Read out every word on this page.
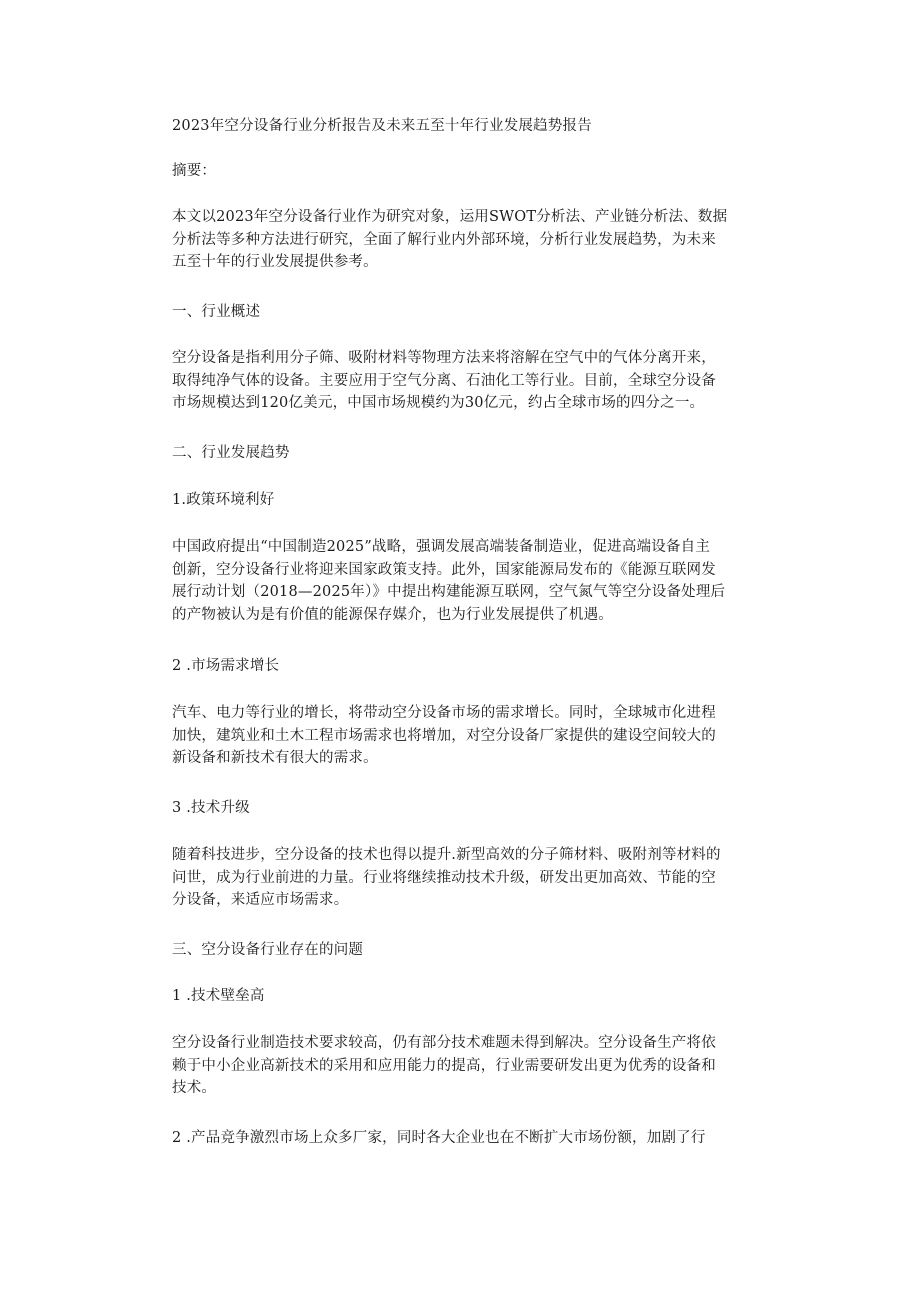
2023年空分设备行业分析报告及未来五至十年行业发展趋势报告
摘要：
本文以2023年空分设备行业作为研究对象，运用SWOT分析法、产业链分析法、数据
分析法等多种方法进行研究，全面了解行业内外部环境，分析行业发展趋势，为未来
五至十年的行业发展提供参考。
一、行业概述
空分设备是指利用分子筛、吸附材料等物理方法来将溶解在空气中的气体分离开来，
取得纯净气体的设备。主要应用于空气分离、石油化工等行业。目前，全球空分设备
市场规模达到120亿美元，中国市场规模约为30亿元，约占全球市场的四分之一。
二、行业发展趋势
1.政策环境利好
中国政府提出“中国制造2025”战略，强调发展高端装备制造业，促进高端设备自主
创新，空分设备行业将迎来国家政策支持。此外，国家能源局发布的《能源互联网发
展行动计划（2018—2025年）》中提出构建能源互联网，空气氮气等空分设备处理后
的产物被认为是有价值的能源保存媒介，也为行业发展提供了机遇。
2 .市场需求增长
汽车、电力等行业的增长，将带动空分设备市场的需求增长。同时，全球城市化进程
加快，建筑业和土木工程市场需求也将增加，对空分设备厂家提供的建设空间较大的
新设备和新技术有很大的需求。
3 .技术升级
随着科技进步，空分设备的技术也得以提升.新型高效的分子筛材料、吸附剂等材料的
问世，成为行业前进的力量。行业将继续推动技术升级，研发出更加高效、节能的空
分设备，来适应市场需求。
三、空分设备行业存在的问题
1 .技术壁垒高
空分设备行业制造技术要求较高，仍有部分技术难题未得到解决。空分设备生产将依
赖于中小企业高新技术的采用和应用能力的提高，行业需要研发出更为优秀的设备和
技术。
2 .产品竞争激烈市场上众多厂家，同时各大企业也在不断扩大市场份额，加剧了行
